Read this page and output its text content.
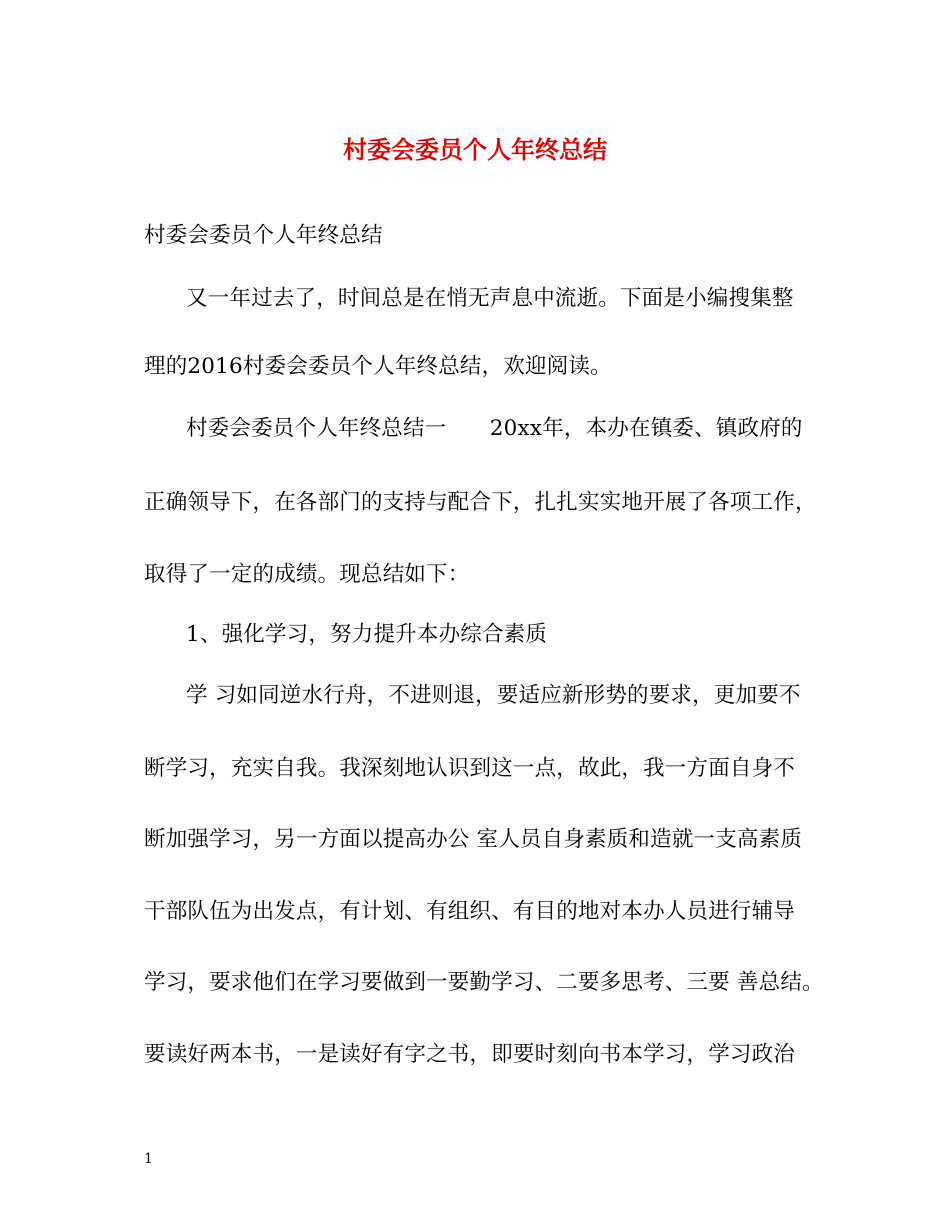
村委会委员个人年终总结
村委会委员个人年终总结
又一年过去了，时间总是在悄无声息中流逝。下面是小编搜集整
理的2016村委会委员个人年终总结，欢迎阅读。
村委会委员个人年终总结一　　20xx年，本办在镇委、镇政府的
正确领导下，在各部门的支持与配合下，扎扎实实地开展了各项工作，
取得了一定的成绩。现总结如下：
1、强化学习，努力提升本办综合素质
学 习如同逆水行舟，不进则退，要适应新形势的要求，更加要不
断学习，充实自我。我深刻地认识到这一点，故此，我一方面自身不
断加强学习，另一方面以提高办公 室人员自身素质和造就一支高素质
干部队伍为出发点，有计划、有组织、有目的地对本办人员进行辅导
学习，要求他们在学习要做到一要勤学习、二要多思考、三要 善总结。
要读好两本书，一是读好有字之书，即要时刻向书本学习，学习政治
1
